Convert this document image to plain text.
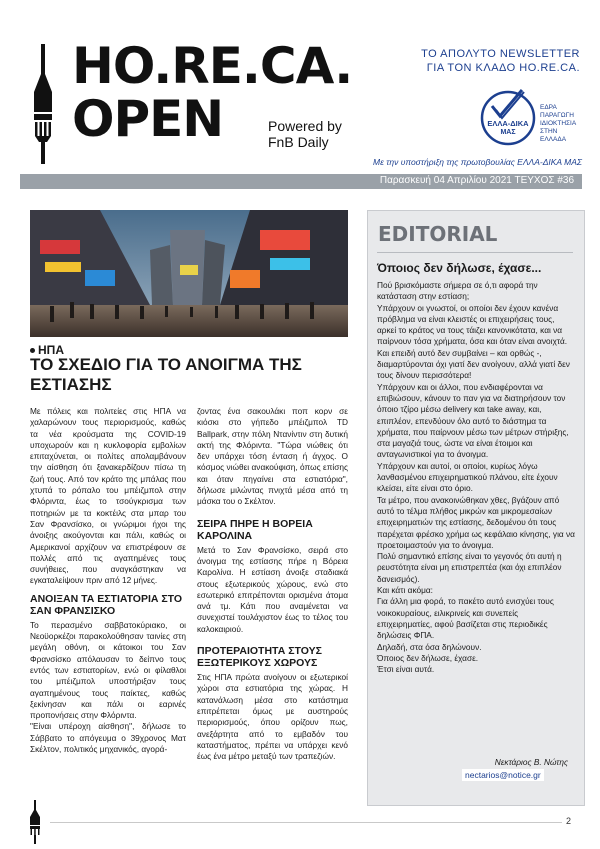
HO.RE.CA.
OPEN	Powered by
FnB Daily
ΤΟ ΑΠΟΛΥΤΟ NEWSLETTER
ΓΙΑ ΤΟΝ ΚΛΑΔΟ HO.RE.CA.
ΕΛΛΑ-ΔΙΚΑ
ΜΑΣ
ΕΔΡΑ
ΠΑΡΑΓΩΓΗ
ΙΔΙΟΚΤΗΣΙΑ
ΣΤΗΝ ΕΛΛΑΔΑ
Με την υποστήριξη της πρωτοβουλίας ΕΛΛΑ-ΔΙΚΑ ΜΑΣ
Παρασκευή 04 Απριλίου 2021 ΤΕΥΧΟΣ #36
ΗΠΑ
ΤΟ ΣΧΕΔΙΟ ΓΙΑ ΤΟ ΑΝΟΙΓΜΑ ΤΗΣ ΕΣΤΙΑΣΗΣ

Με πόλεις και πολιτείες στις ΗΠΑ να χαλαρώνουν τους περιορισμούς, καθώς τα νέα κρούσματα της COVID-19 υποχωρούν και η κυκλοφορία εμβολίων επιταχύνεται, οι πολίτες απολαμβάνουν την αίσθηση ότι ξανακερδίζουν πίσω τη ζωή τους. Από τον κράτο της μπάλας που χτυπά το ρόπαλο του μπέιζμπολ στην Φλόριντα, έως το τσούγκρισμα των ποτηριών με τα κοκτέιλς στα μπαρ του Σαν Φρανσίσκο, οι γνώριμοι ήχοι της άνοιξης ακούγονται και πάλι, καθώς οι Αμερικανοί αρχίζουν να επιστρέφουν σε πολλές από τις αγαπημένες τους συνήθειες, που αναγκάστηκαν να εγκαταλείψουν πριν από 12 μήνες.

ΑΝΟΙΞΑΝ ΤΑ ΕΣΤΙΑΤΟΡΙΑ ΣΤΟ ΣΑΝ ΦΡΑΝΣΙΣΚΟ

Το περασμένο σαββατοκύριακο, οι Νεοϋορκέζοι παρακολούθησαν ταινίες στη μεγάλη οθόνη, οι κάτοικοι του Σαν Φρανσίσκο απόλαυσαν το δείπνο τους εντός των εστιατορίων, ενώ οι φίλαθλοι του μπέιζμπολ υποστήριξαν τους αγαπημένους τους παίκτες, καθώς ξεκίνησαν και πάλι οι εαρινές προπονήσεις στην Φλόριντα.

"Είναι υπέροχη αίσθηση", δήλωσε το Σάββατο το απόγευμα ο 39χρονος Ματ Σκέλτον, πολιτικός μηχανικός, αγορά-

ζοντας ένα σακουλάκι ποπ κορν σε κιόσκι στο γήπεδο μπέιζμπολ TD Ballpark, στην πόλη Ντανίντιν στη δυτική ακτή της Φλόριντα. "Τώρα νιώθεις ότι δεν υπάρχει τόση ένταση ή άγχος. Ο κόσμος νιώθει ανακούφιση, όπως επίσης και όταν πηγαίνει στα εστιατόρια", δήλωσε μιλώντας πνιχτά μέσα από τη μάσκα του ο Σκέλτον.

ΣΕΙΡΑ ΠΗΡΕ Η ΒΟΡΕΙΑ ΚΑΡΟΛΙΝΑ

Μετά το Σαν Φρανσίσκο, σειρά στο άνοιγμα της εστίασης πήρε η Βόρεια Καρολίνα. Η εστίαση άνοιξε σταδιακά στους εξωτερικούς χώρους, ενώ στο εσωτερικό επιτρέπονται ορισμένα άτομα ανά τμ. Κάτι που αναμένεται να συνεχιστεί τουλάχιστον έως το τέλος του καλοκαιριού.

ΠΡΟΤΕΡΑΙΟΤΗΤΑ ΣΤΟΥΣ ΕΞΩΤΕΡΙΚΟΥΣ ΧΩΡΟΥΣ

Στις ΗΠΑ πρώτα ανοίγουν οι εξωτερικοί χώροι στα εστιατόρια της χώρας. Η κατανάλωση μέσα στο κατάστημα επιτρέπεται όμως με αυστηρούς περιορισμούς, όπου ορίζουν πως, ανεξάρτητα από το εμβαδόν του καταστήματος, πρέπει να υπάρχει κενό έως ένα μέτρο μεταξύ των τραπεζιών.

EDITORIAL
Όποιος δεν δήλωσε, έχασε...

Πού βρισκόμαστε σήμερα σε ό,τι αφορά την κατάσταση στην εστίαση;

Υπάρχουν οι γνωστοί, οι οποίοι δεν έχουν κανένα πρόβλημα να είναι κλειστές οι επιχειρήσεις τους, αρκεί το κράτος να τους τάιζει κανονικότατα, και να παίρνουν τόσα χρήματα, όσα και όταν είναι ανοιχτά. Και επειδή αυτό δεν συμβαίνει – και ορθώς -, διαμαρτύρονται όχι γιατί δεν ανοίγουν, αλλά γιατί δεν τους δίνουν περισσότερα!

Υπάρχουν και οι άλλοι, που ενδιαφέρονται να επιβιώσουν, κάνουν το παν για να διατηρήσουν τον όποιο τζίρο μέσω delivery και take away, και, επιπλέον, επενδύουν όλο αυτό το διάστημα τα χρήματα, που παίρνουν μέσω των μέτρων στήριξης, στα μαγαζιά τους, ώστε να είναι έτοιμοι και ανταγωνιστικοί για το άνοιγμα.

Υπάρχουν και αυτοί, οι οποίοι, κυρίως λόγω λανθασμένου επιχειρηματικού πλάνου, είτε έχουν κλείσει, είτε είναι στο όριο.

Τα μέτρο, που ανακοινώθηκαν χθες, βγάζουν από αυτό το τέλμα πλήθος μικρών και μικρομεσαίων επιχειρηματιών της εστίασης, δεδομένου ότι τους παρέχεται φρέσκο χρήμα ως κεφάλαιο κίνησης, για να προετοιμαστούν για το άνοιγμα.

Πολύ σημαντικό επίσης είναι το γεγονός ότι αυτή η ρευστότητα είναι μη επιστρεπτέα (και όχι επιπλέον δανεισμός).

Και κάτι ακόμα:

Για άλλη μια φορά, το πακέτο αυτό ενισχύει τους νοικοκυραίους, ειλικρινείς και συνεπείς επιχειρηματίες, αφού βασίζεται στις περιοδικές δηλώσεις ΦΠΑ.

Δηλαδή, στα όσα δηλώνουν.

Όποιος δεν δήλωσε, έχασε.

Έτσι είναι αυτά.

Νεκτάριος Β. Νώτης
nectarios@notice.gr
2
